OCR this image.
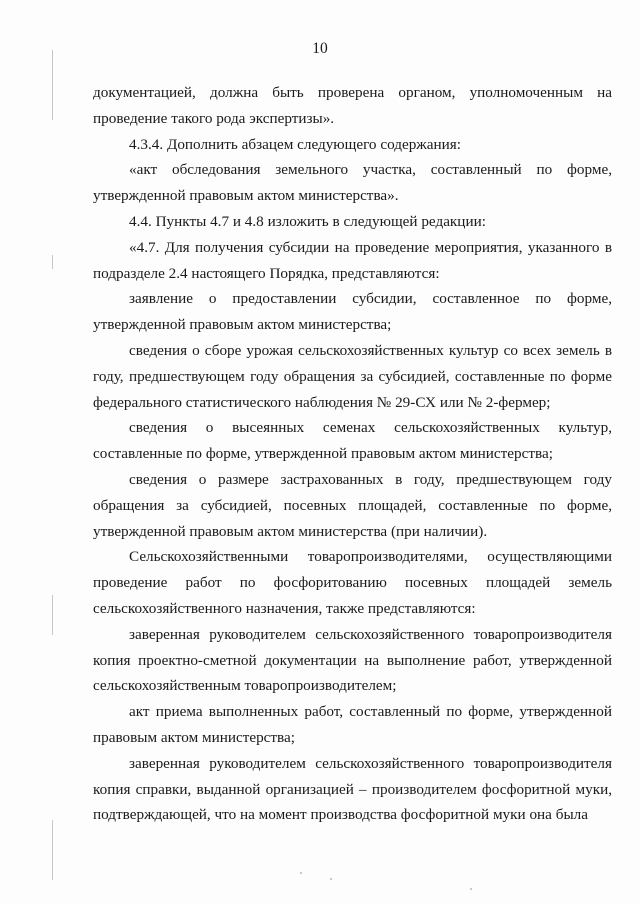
10

документацией, должна быть проверена органом, уполномоченным на проведение такого рода экспертизы».

4.3.4. Дополнить абзацем следующего содержания:

«акт обследования земельного участка, составленный по форме, утвержденной правовым актом министерства».

4.4. Пункты 4.7 и 4.8 изложить в следующей редакции:

«4.7. Для получения субсидии на проведение мероприятия, указанного в подразделе 2.4 настоящего Порядка, представляются:

заявление о предоставлении субсидии, составленное по форме, утвержденной правовым актом министерства;

сведения о сборе урожая сельскохозяйственных культур со всех земель в году, предшествующем году обращения за субсидией, составленные по форме федерального статистического наблюдения № 29-СХ или № 2-фермер;

сведения о высеянных семенах сельскохозяйственных культур, составленные по форме, утвержденной правовым актом министерства;

сведения о размере застрахованных в году, предшествующем году обращения за субсидией, посевных площадей, составленные по форме, утвержденной правовым актом министерства (при наличии).

Сельскохозяйственными товаропроизводителями, осуществляющими проведение работ по фосфоритованию посевных площадей земель сельскохозяйственного назначения, также представляются:

заверенная руководителем сельскохозяйственного товаропроизводителя копия проектно-сметной документации на выполнение работ, утвержденной сельскохозяйственным товаропроизводителем;

акт приема выполненных работ, составленный по форме, утвержденной правовым актом министерства;

заверенная руководителем сельскохозяйственного товаропроизводителя копия справки, выданной организацией – производителем фосфоритной муки, подтверждающей, что на момент производства фосфоритной муки она была
